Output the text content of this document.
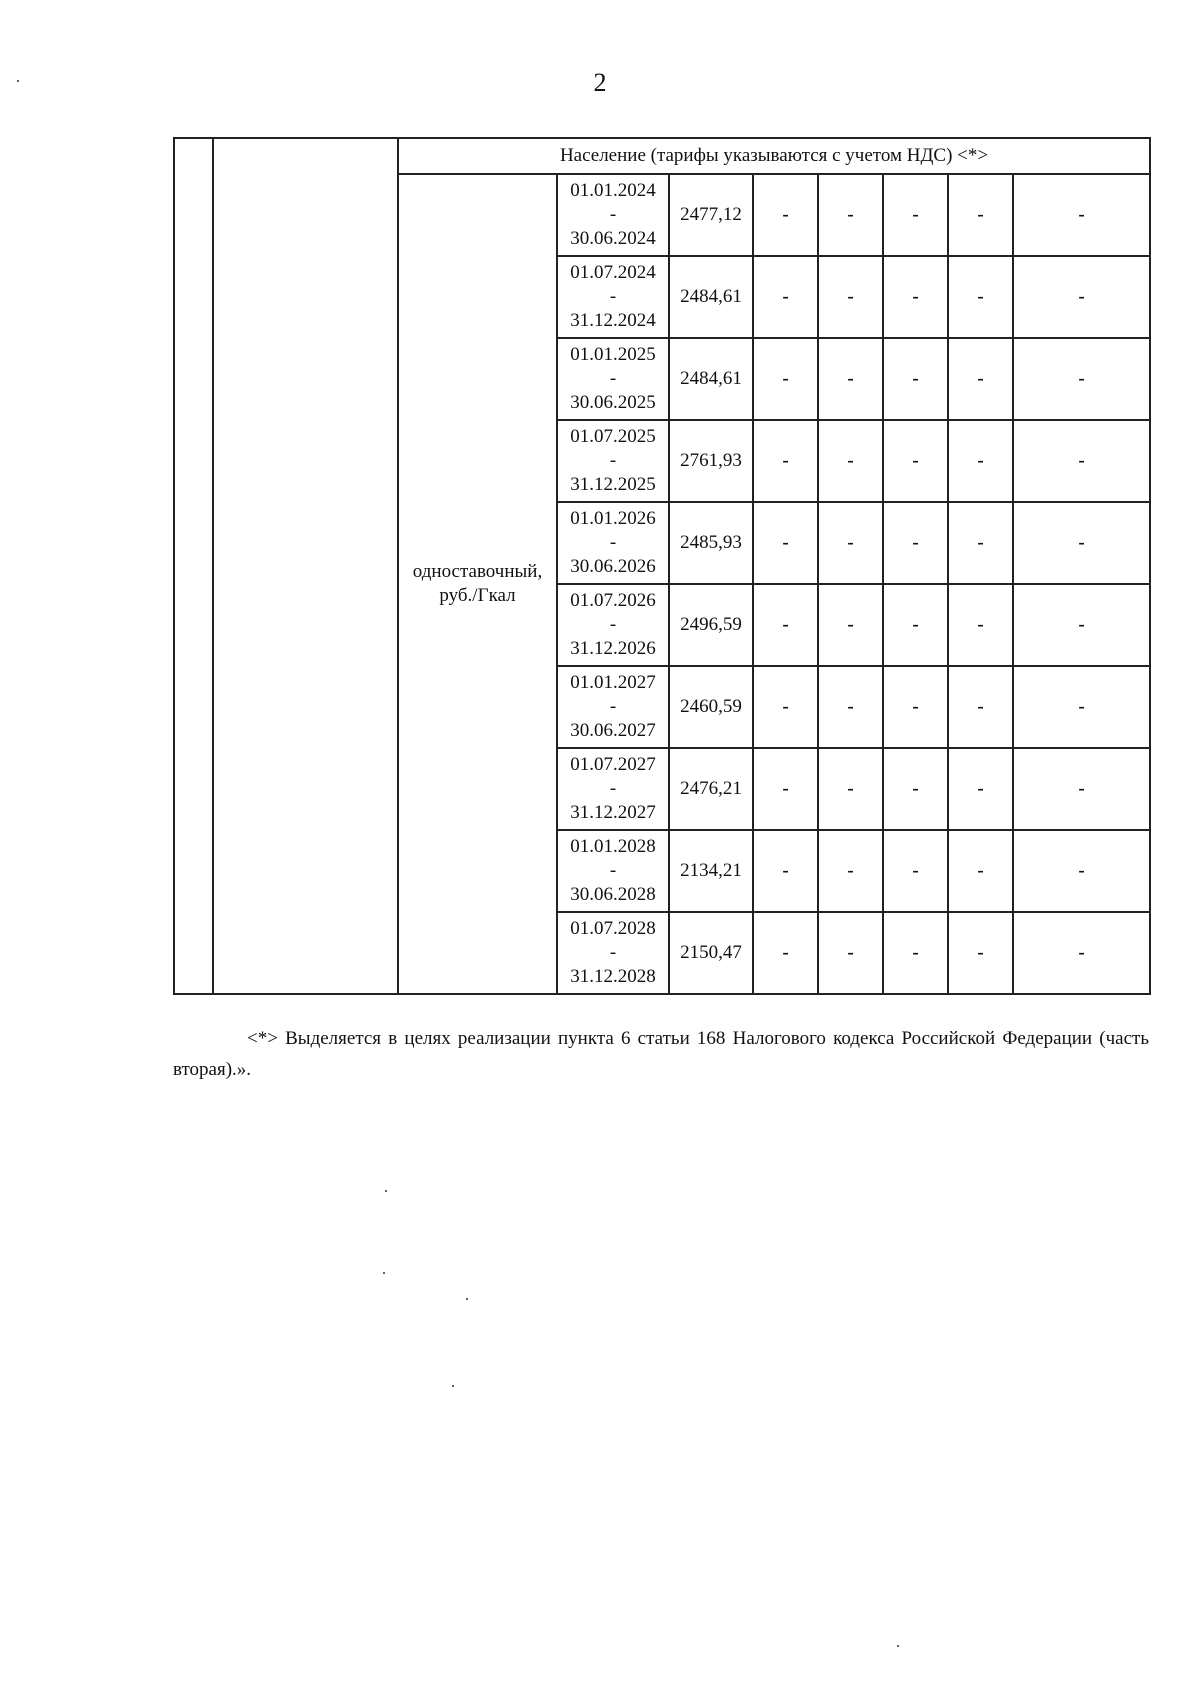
2
		Население (тарифы указываются с учетом НДС) <*>							
		одноставочный,
руб./Гкал	01.01.2024
-
30.06.2024	2477,12	-	-	-	-	-

			01.07.2024
-
31.12.2024	2484,61	-	-	-	-	-

			01.01.2025
-
30.06.2025	2484,61	-	-	-	-	-

			01.07.2025
-
31.12.2025	2761,93	-	-	-	-	-

			01.01.2026
-
30.06.2026	2485,93	-	-	-	-	-

			01.07.2026
-
31.12.2026	2496,59	-	-	-	-	-

			01.01.2027
-
30.06.2027	2460,59	-	-	-	-	-

			01.07.2027
-
31.12.2027	2476,21	-	-	-	-	-

			01.01.2028
-
30.06.2028	2134,21	-	-	-	-	-

			01.07.2028
-
31.12.2028	2150,47	-	-	-	-	-
<*> Выделяется в целях реализации пункта 6 статьи 168 Налогового кодекса Российской Федерации (часть вторая).».
